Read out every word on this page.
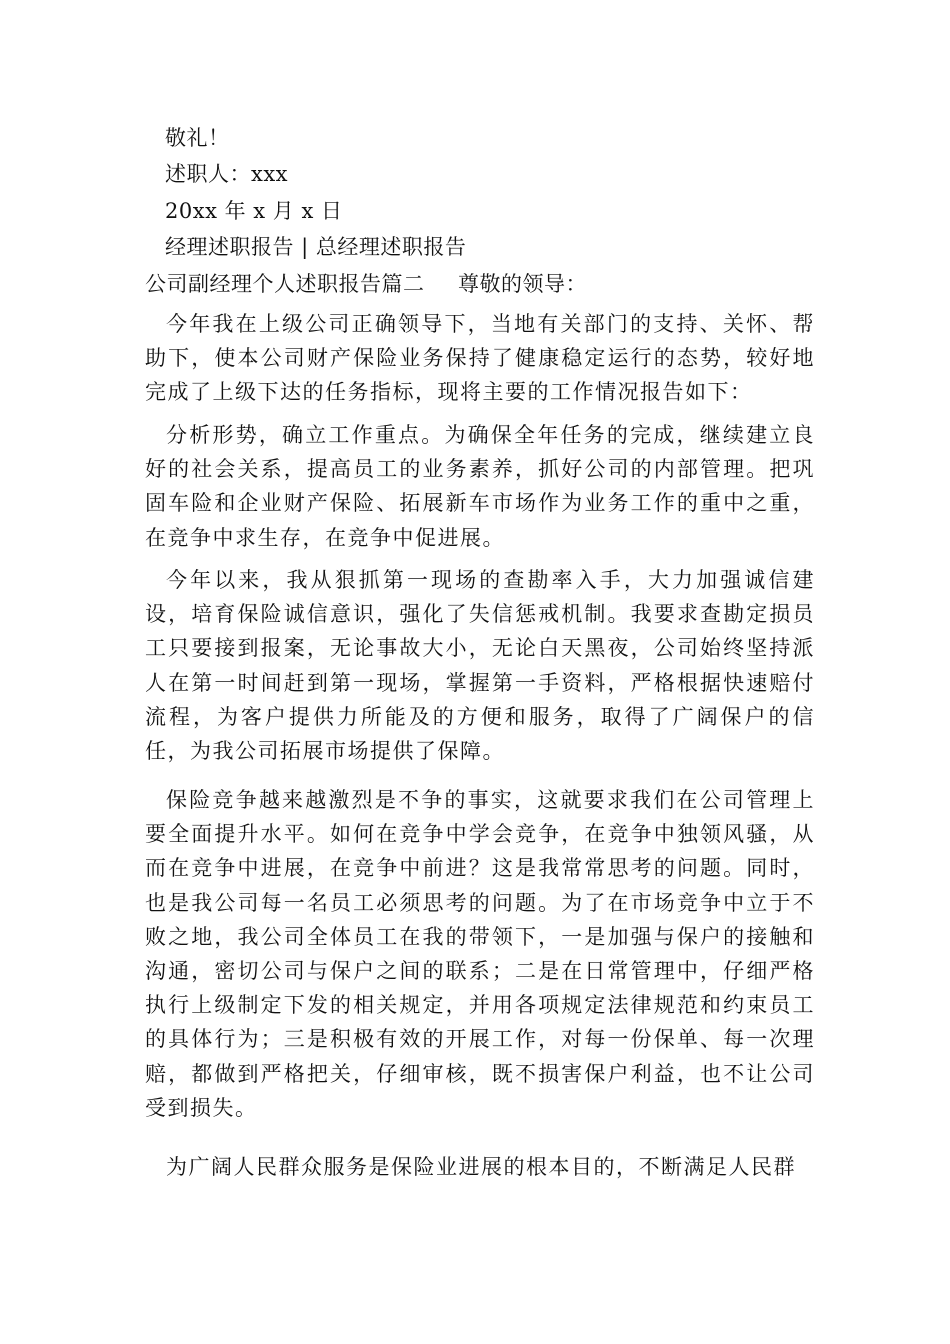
敬礼！
述职人：xxx
20xx 年 x 月 x 日
经理述职报告 | 总经理述职报告
公司副经理个人述职报告篇二 尊敬的领导：
今年我在上级公司正确领导下，当地有关部门的支持、关怀、帮助下，使本公司财产保险业务保持了健康稳定运行的态势，较好地完成了上级下达的任务指标，现将主要的工作情况报告如下：
分析形势，确立工作重点。为确保全年任务的完成，继续建立良好的社会关系，提高员工的业务素养，抓好公司的内部管理。把巩固车险和企业财产保险、拓展新车市场作为业务工作的重中之重，在竞争中求生存，在竞争中促进展。
今年以来，我从狠抓第一现场的查勘率入手，大力加强诚信建设，培育保险诚信意识，强化了失信惩戒机制。我要求查勘定损员工只要接到报案，无论事故大小，无论白天黑夜，公司始终坚持派人在第一时间赶到第一现场，掌握第一手资料，严格根据快速赔付流程，为客户提供力所能及的方便和服务，取得了广阔保户的信任，为我公司拓展市场提供了保障。
保险竞争越来越激烈是不争的事实，这就要求我们在公司管理上要全面提升水平。如何在竞争中学会竞争，在竞争中独领风骚，从而在竞争中进展，在竞争中前进？这是我常常思考的问题。同时，也是我公司每一名员工必须思考的问题。为了在市场竞争中立于不败之地，我公司全体员工在我的带领下，一是加强与保户的接触和沟通，密切公司与保户之间的联系；二是在日常管理中，仔细严格执行上级制定下发的相关规定，并用各项规定法律规范和约束员工的具体行为；三是积极有效的开展工作，对每一份保单、每一次理赔，都做到严格把关，仔细审核，既不损害保户利益，也不让公司受到损失。
为广阔人民群众服务是保险业进展的根本目的，不断满足人民群
